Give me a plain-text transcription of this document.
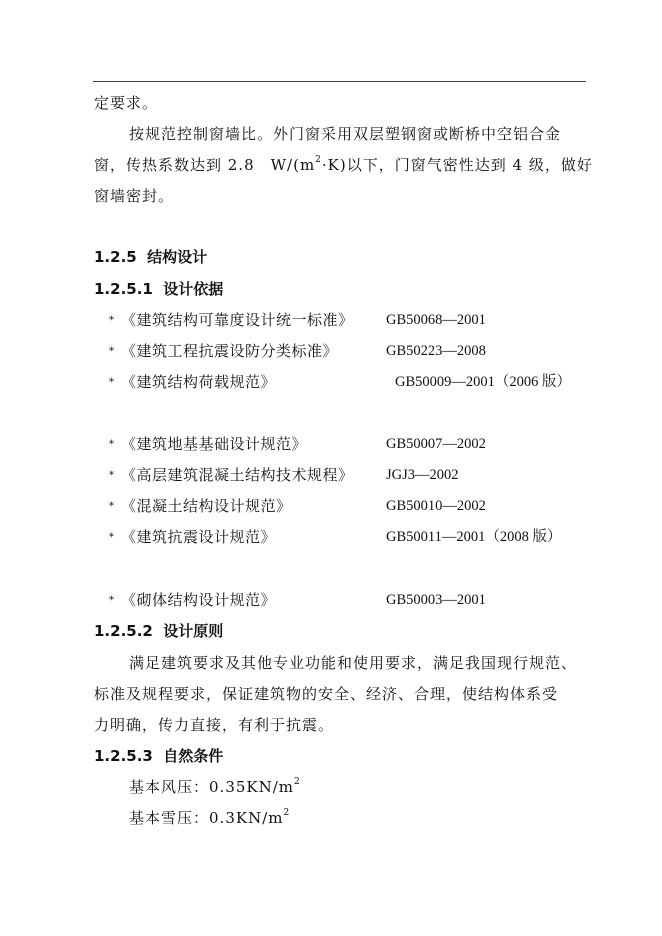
定要求。
按规范控制窗墙比。外门窗采用双层塑钢窗或断桥中空铝合金
窗，传热系数达到 2.8　$W/(m^2\cdot K)$以下，门窗气密性达到 4 级，做好
窗墙密封。
1.2.5 结构设计
1.2.5.1 设计依据
* 《建筑结构可靠度设计统一标准》 GB50068—2001
* 《建筑工程抗震设防分类标准》	GB50223—2008
* 《建筑结构荷载规范》	GB50009—2001（2006 版）
* 《建筑地基基础设计规范》	GB50007—2002
* 《高层建筑混凝土结构技术规程》 JGJ3—2002
* 《混凝土结构设计规范》	GB50010—2002
* 《建筑抗震设计规范》	GB50011—2001（2008 版）
* 《砌体结构设计规范》	GB50003—2001
1.2.5.2 设计原则
满足建筑要求及其他专业功能和使用要求，满足我国现行规范、
标准及规程要求，保证建筑物的安全、经济、合理，使结构体系受
力明确，传力直接，有利于抗震。
1.2.5.3 自然条件
基本风压：$0.35KN/m^2$
基本雪压：$0.3KN/m^2$
